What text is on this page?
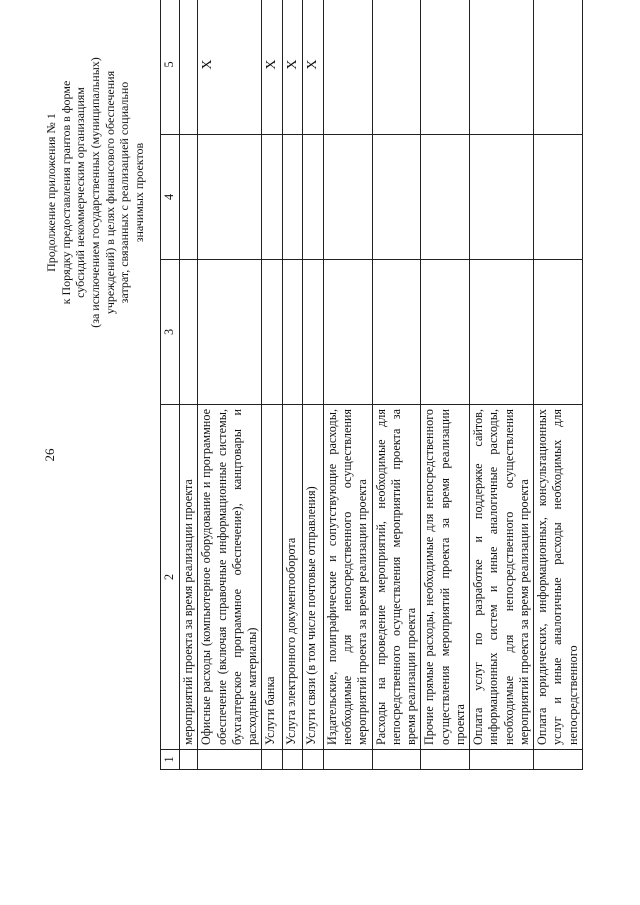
26
Продолжение приложения № 1 к Порядку предоставления грантов в форме субсидий некоммерческим организациям (за исключением государственных (муниципальных) учреждений) в целях финансового обеспечения затрат, связанных с реализацией социально значимых проектов
1	2	3	4	5
	мероприятий проекта за время реализации проекта			
	Офисные расходы (компьютерное оборудование и программное обеспечение (включая справочные информационные системы, бухгалтерское программное обеспечение), канцтовары и расходные материалы)			X
	Услуги банка			X
	Услуга электронного документооборота			X
	Услуги связи (в том числе почтовые отправления)			X
	Издательские, полиграфические и сопутствующие расходы, необходимые для непосредственного осуществления мероприятий проекта за время реализации проекта			
	Расходы на проведение мероприятий, необходимые для непосредственного осуществления мероприятий проекта за время реализации проекта			
	Прочие прямые расходы, необходимые для непосредственного осуществления мероприятий проекта за время реализации проекта			
	Оплата услуг по разработке и поддержке сайтов, информационных систем и иные аналогичные расходы, необходимые для непосредственного осуществления мероприятий проекта за время реализации проекта			
	Оплата юридических, информационных, консультационных услуг и иные аналогичные расходы необходимых для непосредственного			
